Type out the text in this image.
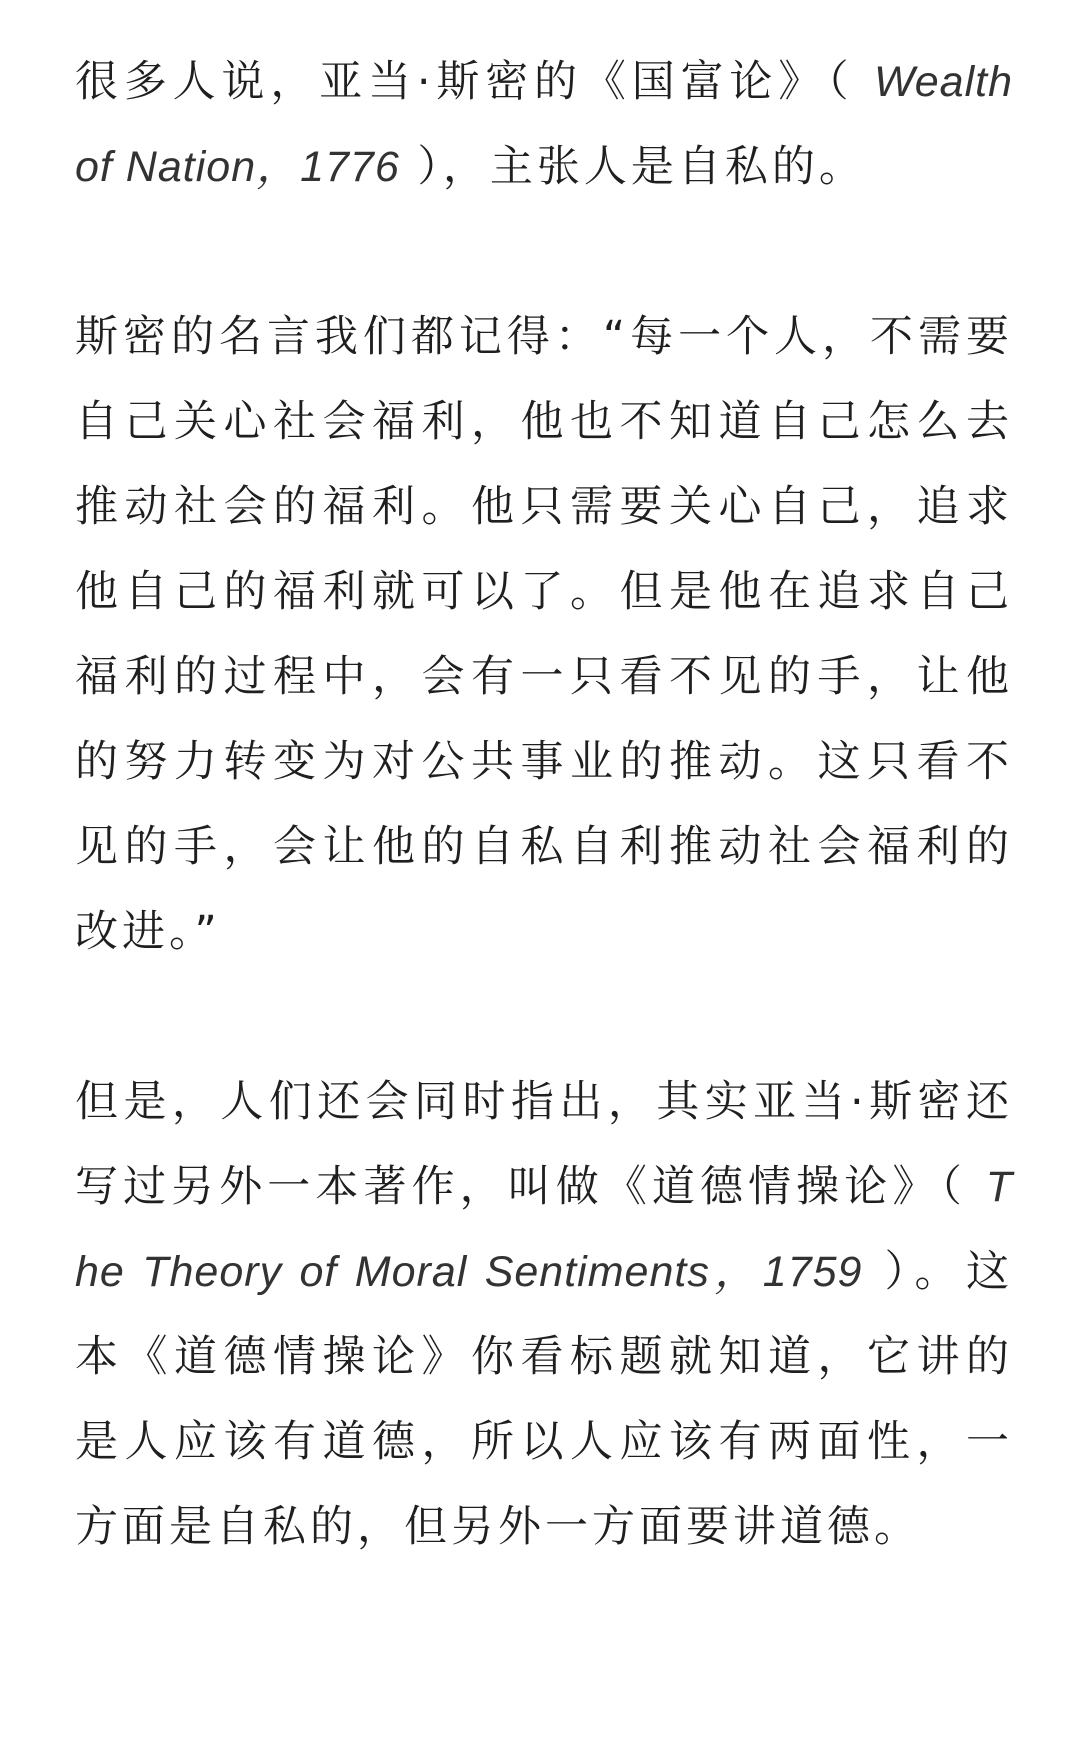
很多人说，亚当·斯密的《国富论》（ Wealth of Nation，1776 ），主张人是自私的。

斯密的名言我们都记得：“每一个人，不需要自己关心社会福利，他也不知道自己怎么去推动社会的福利。他只需要关心自己，追求他自己的福利就可以了。但是他在追求自己福利的过程中，会有一只看不见的手，让他的努力转变为对公共事业的推动。这只看不见的手，会让他的自私自利推动社会福利的改进。”

但是，人们还会同时指出，其实亚当·斯密还写过另外一本著作，叫做《道德情操论》（ The Theory of Moral Sentiments，1759 ）。这本《道德情操论》你看标题就知道，它讲的是人应该有道德，所以人应该有两面性，一方面是自私的，但另外一方面要讲道德。
